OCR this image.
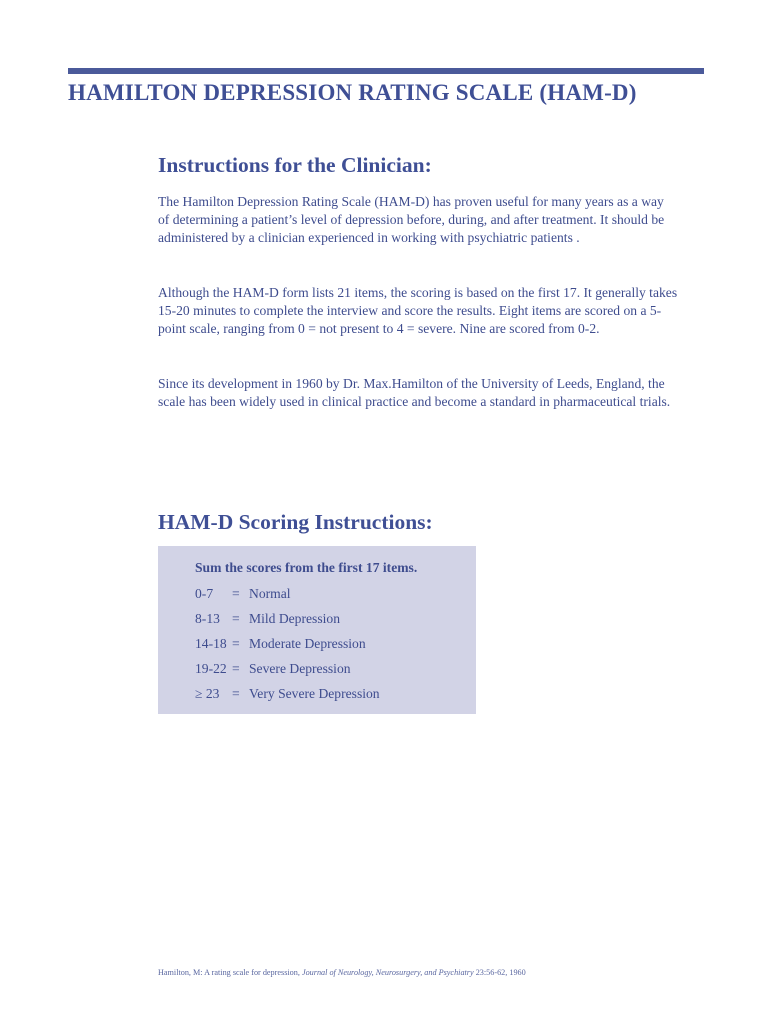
HAMILTON DEPRESSION RATING SCALE (HAM-D)
Instructions for the Clinician:

The Hamilton Depression Rating Scale (HAM-D) has proven useful for many years as a way of determining a patient’s level of depression before, during, and after treatment. It should be administered by a clinician experienced in working with psychiatric patients .

Although the HAM-D form lists 21 items, the scoring is based on the first 17. It generally takes 15-20 minutes to complete the interview and score the results. Eight items are scored on a 5-point scale, ranging from 0 = not present to 4 = severe. Nine are scored from 0-2.

Since its development in 1960 by Dr. Max.Hamilton of the University of Leeds, England, the scale has been widely used in clinical practice and become a standard in pharmaceutical trials.

HAM-D Scoring Instructions:

Sum the scores from the first 17 items.

0-7 = Normal
8-13 = Mild Depression
14-18 = Moderate Depression
19-22 = Severe Depression
≥ 23 = Very Severe Depression

Hamilton, M: A rating scale for depression, Journal of Neurology, Neurosurgery, and Psychiatry 23:56-62, 1960
